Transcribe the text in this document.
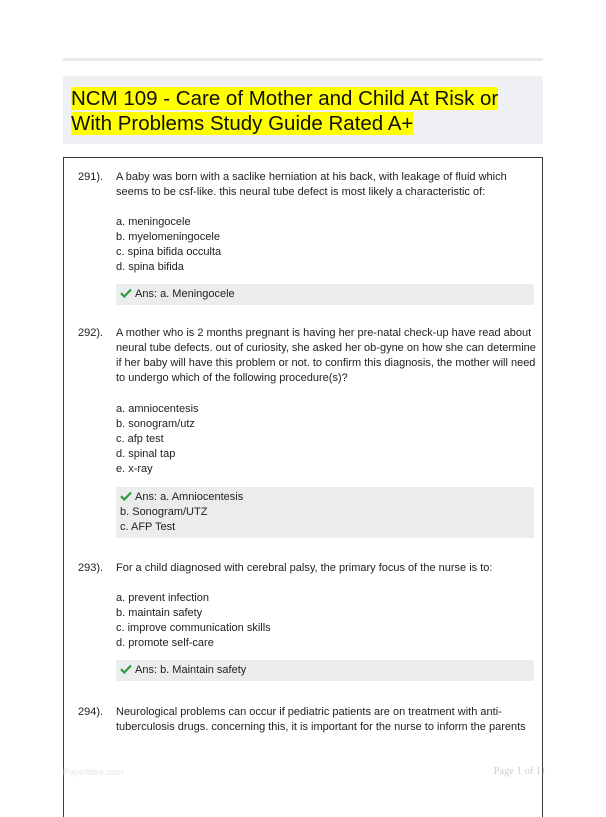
NCM 109 - Care of Mother and Child At Risk or With Problems Study Guide Rated A+
291).	A baby was born with a saclike herniation at his back, with leakage of fluid which seems to be csf-like. this neural tube defect is most likely a characteristic of:
a. meningocele
b. myelomeningocele
c. spina bifida occulta
d. spina bifida
Ans: a. Meningocele
292).	A mother who is 2 months pregnant is having her pre-natal check-up have read about neural tube defects. out of curiosity, she asked her ob-gyne on how she can determine if her baby will have this problem or not. to confirm this diagnosis, the mother will need to undergo which of the following procedure(s)?
a. amniocentesis
b. sonogram/utz
c. afp test
d. spinal tap
e. x-ray
Ans: a. Amniocentesis
b. Sonogram/UTZ
c. AFP Test
293).	For a child diagnosed with cerebral palsy, the primary focus of the nurse is to:
a. prevent infection
b. maintain safety
c. improve communication skills
d. promote self-care
Ans: b. Maintain safety
294).	Neurological problems can occur if pediatric patients are on treatment with anti-tuberculosis drugs. concerning this, it is important for the nurse to inform the parents
Paperlibre.com	Page 1 of 11
